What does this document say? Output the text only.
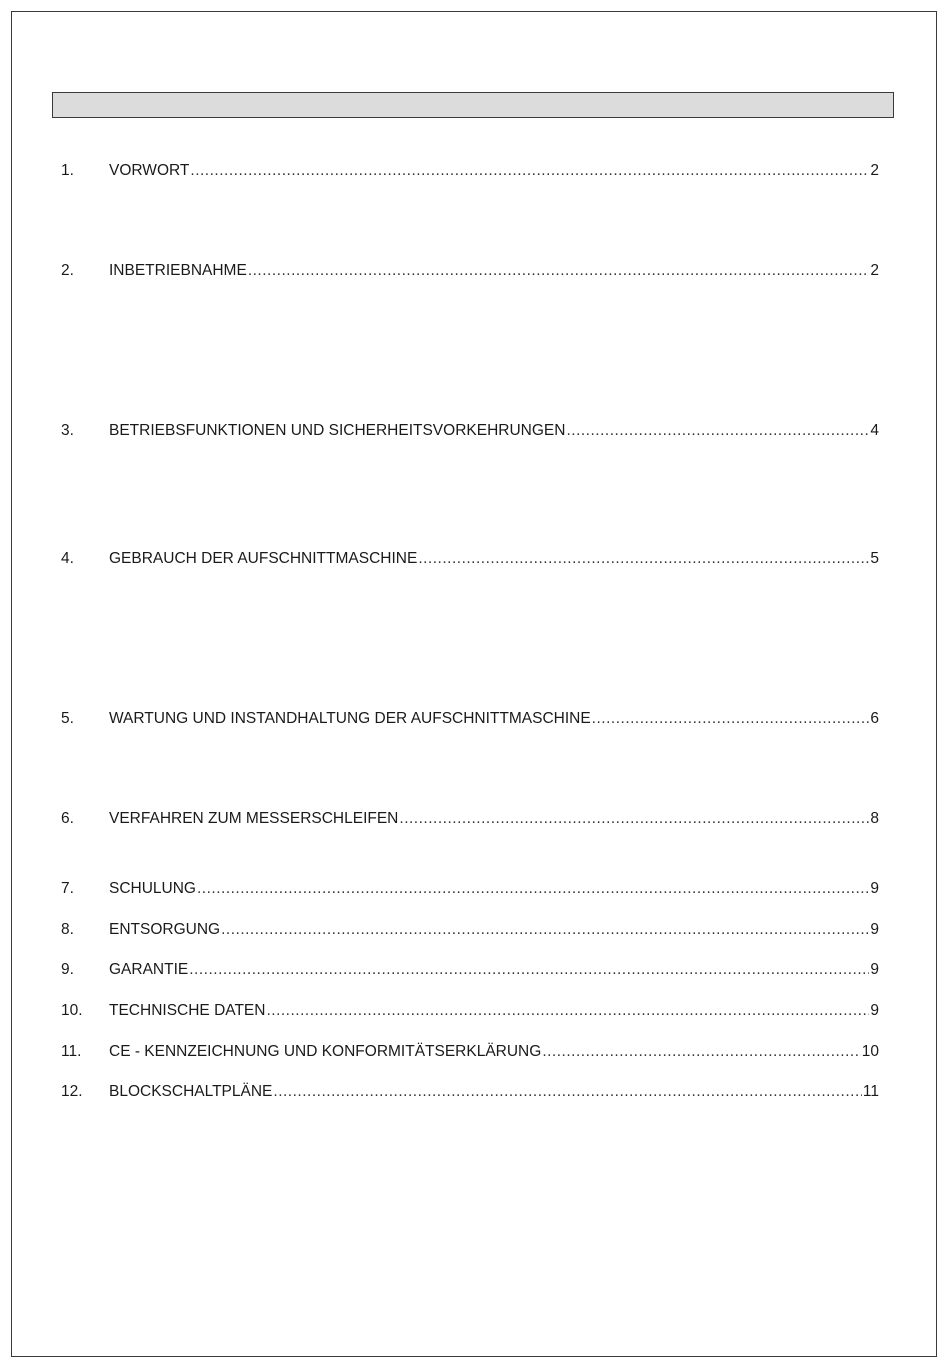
1.	VORWORT .....	2
2.	INBETRIEBNAHME .....	2
3.	BETRIEBSFUNKTIONEN UND SICHERHEITSVORKEHRUNGEN .....	4
4.	GEBRAUCH DER AUFSCHNITTMASCHINE .....	5
5.	WARTUNG UND INSTANDHALTUNG DER AUFSCHNITTMASCHINE .....	6
6.	VERFAHREN ZUM MESSERSCHLEIFEN .....	8
7.	SCHULUNG .....	9
8.	ENTSORGUNG .....	9
9.	GARANTIE .....	9
10.	TECHNISCHE DATEN .....	9
11.	CE - KENNZEICHNUNG UND KONFORMITÄTSERKLÄRUNG .....	10
12.	BLOCKSCHALTPLÄNE .....	11
